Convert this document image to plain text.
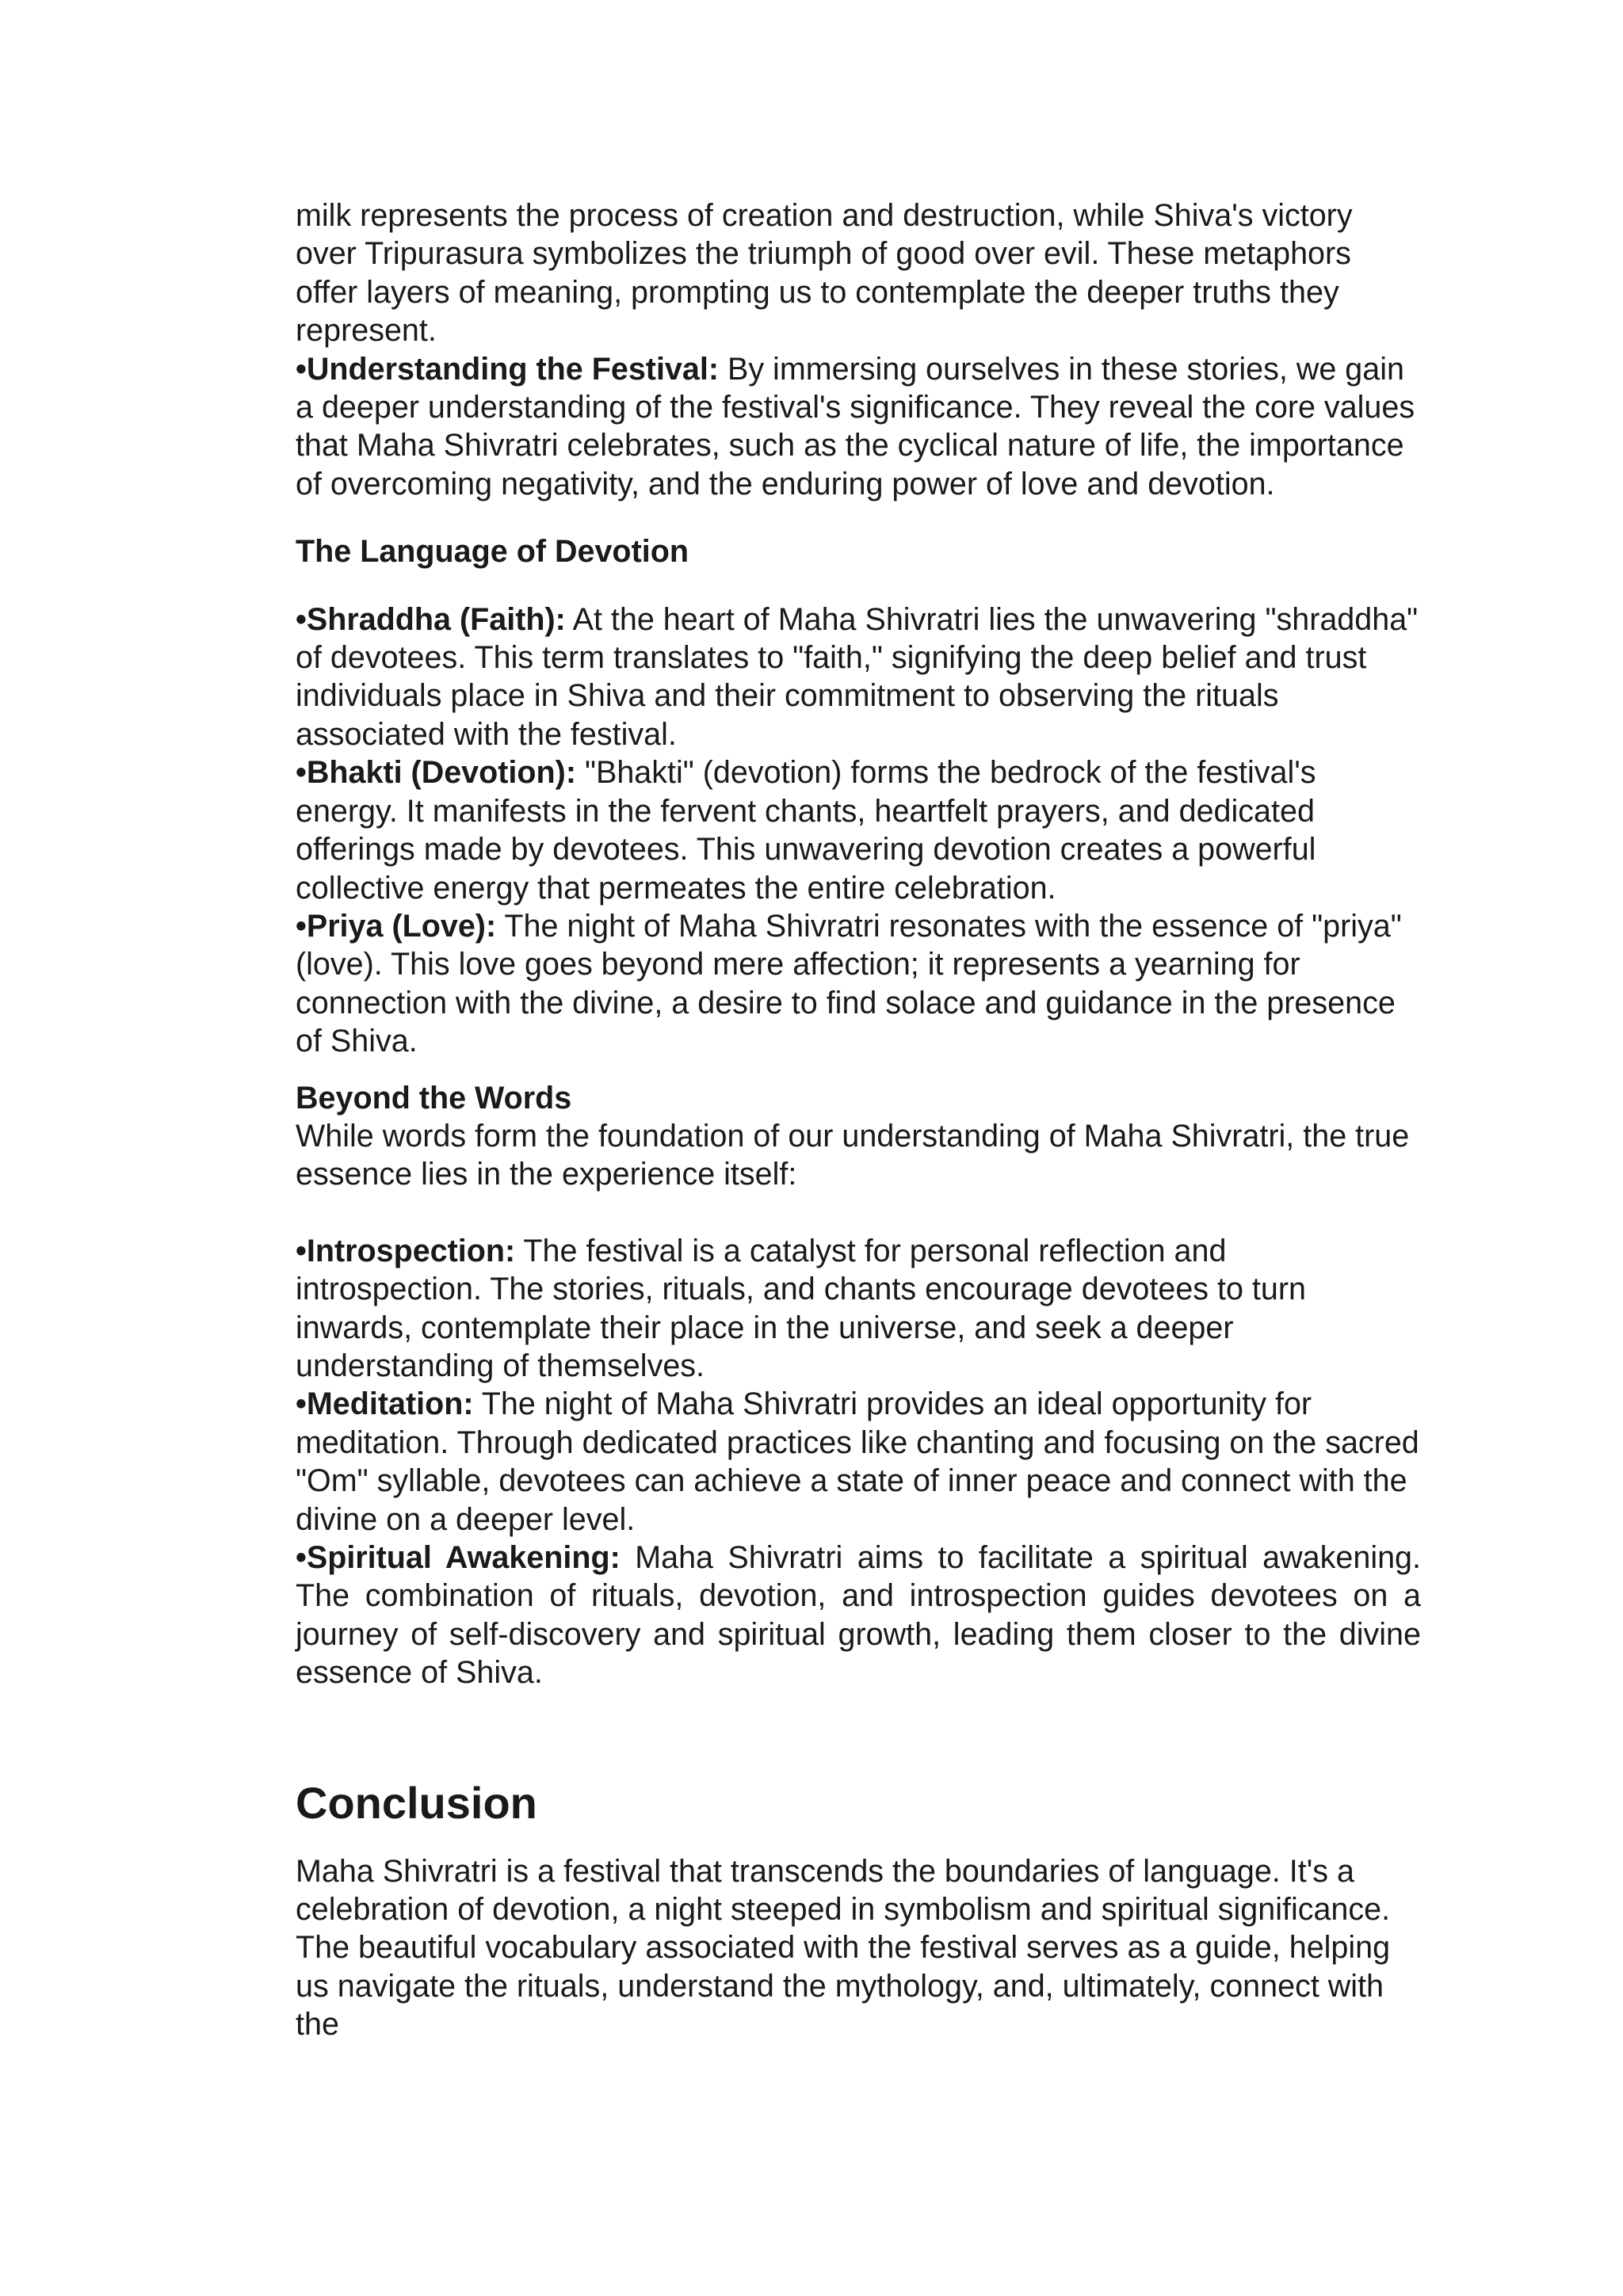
milk represents the process of creation and destruction, while Shiva's victory over Tripurasura symbolizes the triumph of good over evil. These metaphors offer layers of meaning, prompting us to contemplate the deeper truths they represent.

• Understanding the Festival: By immersing ourselves in these stories, we gain a deeper understanding of the festival's significance. They reveal the core values that Maha Shivratri celebrates, such as the cyclical nature of life, the importance of overcoming negativity, and the enduring power of love and devotion.

The Language of Devotion

• Shraddha (Faith): At the heart of Maha Shivratri lies the unwavering "shraddha" of devotees. This term translates to "faith," signifying the deep belief and trust individuals place in Shiva and their commitment to observing the rituals associated with the festival.

• Bhakti (Devotion): "Bhakti" (devotion) forms the bedrock of the festival's energy. It manifests in the fervent chants, heartfelt prayers, and dedicated offerings made by devotees. This unwavering devotion creates a powerful collective energy that permeates the entire celebration.

• Priya (Love): The night of Maha Shivratri resonates with the essence of "priya" (love). This love goes beyond mere affection; it represents a yearning for connection with the divine, a desire to find solace and guidance in the presence of Shiva.

Beyond the Words

While words form the foundation of our understanding of Maha Shivratri, the true essence lies in the experience itself:

• Introspection: The festival is a catalyst for personal reflection and introspection. The stories, rituals, and chants encourage devotees to turn inwards, contemplate their place in the universe, and seek a deeper understanding of themselves.

• Meditation: The night of Maha Shivratri provides an ideal opportunity for meditation. Through dedicated practices like chanting and focusing on the sacred "Om" syllable, devotees can achieve a state of inner peace and connect with the divine on a deeper level.

• Spiritual Awakening: Maha Shivratri aims to facilitate a spiritual awakening. The combination of rituals, devotion, and introspection guides devotees on a journey of self-discovery and spiritual growth, leading them closer to the divine essence of Shiva.

Conclusion

Maha Shivratri is a festival that transcends the boundaries of language. It's a celebration of devotion, a night steeped in symbolism and spiritual significance. The beautiful vocabulary associated with the festival serves as a guide, helping us navigate the rituals, understand the mythology, and, ultimately, connect with the
